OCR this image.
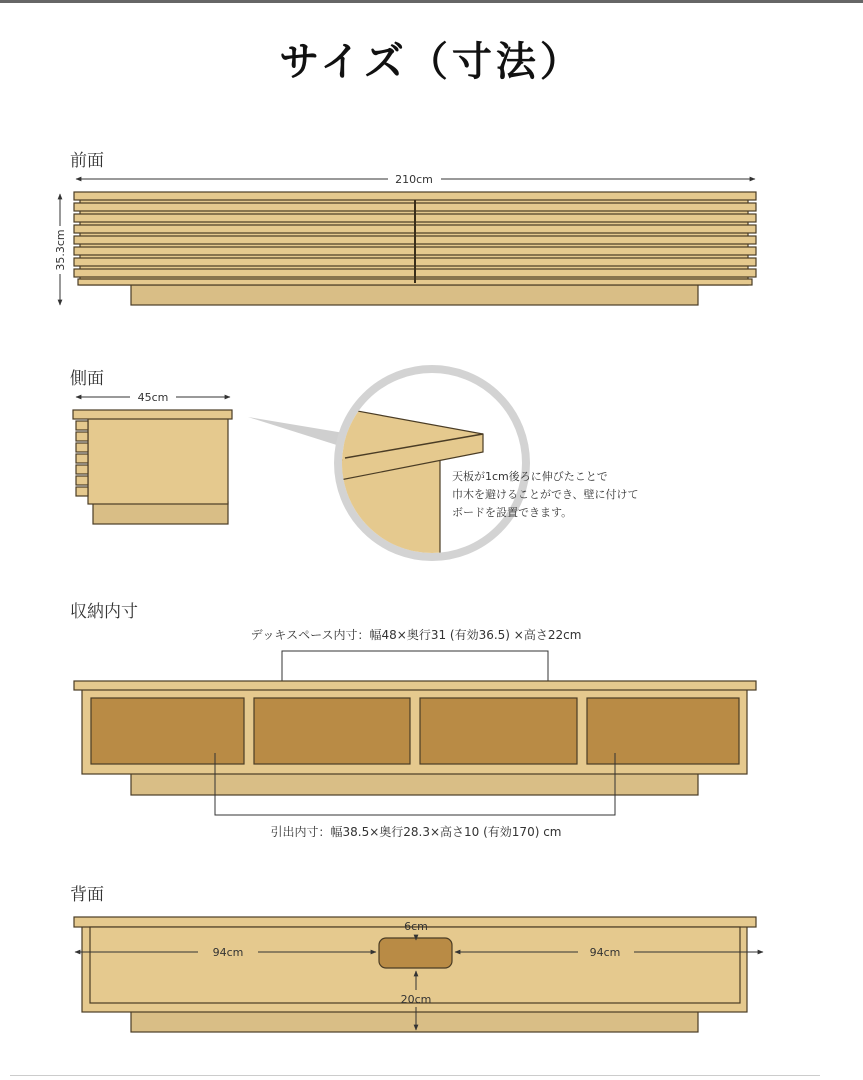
サイズ（寸法）
前面
側面
収納内寸
背面
210cm
35.3cm
45cm
天板が1cm後ろに伸びたことで
巾木を避けることができ、壁に付けて
ボードを設置できます。
デッキスペース内寸：幅48×奥行31 (有効36.5) ×高さ22cm
引出内寸：幅38.5×奥行28.3×高さ10 (有効170) cm
94cm	94cm
6cm
20cm
